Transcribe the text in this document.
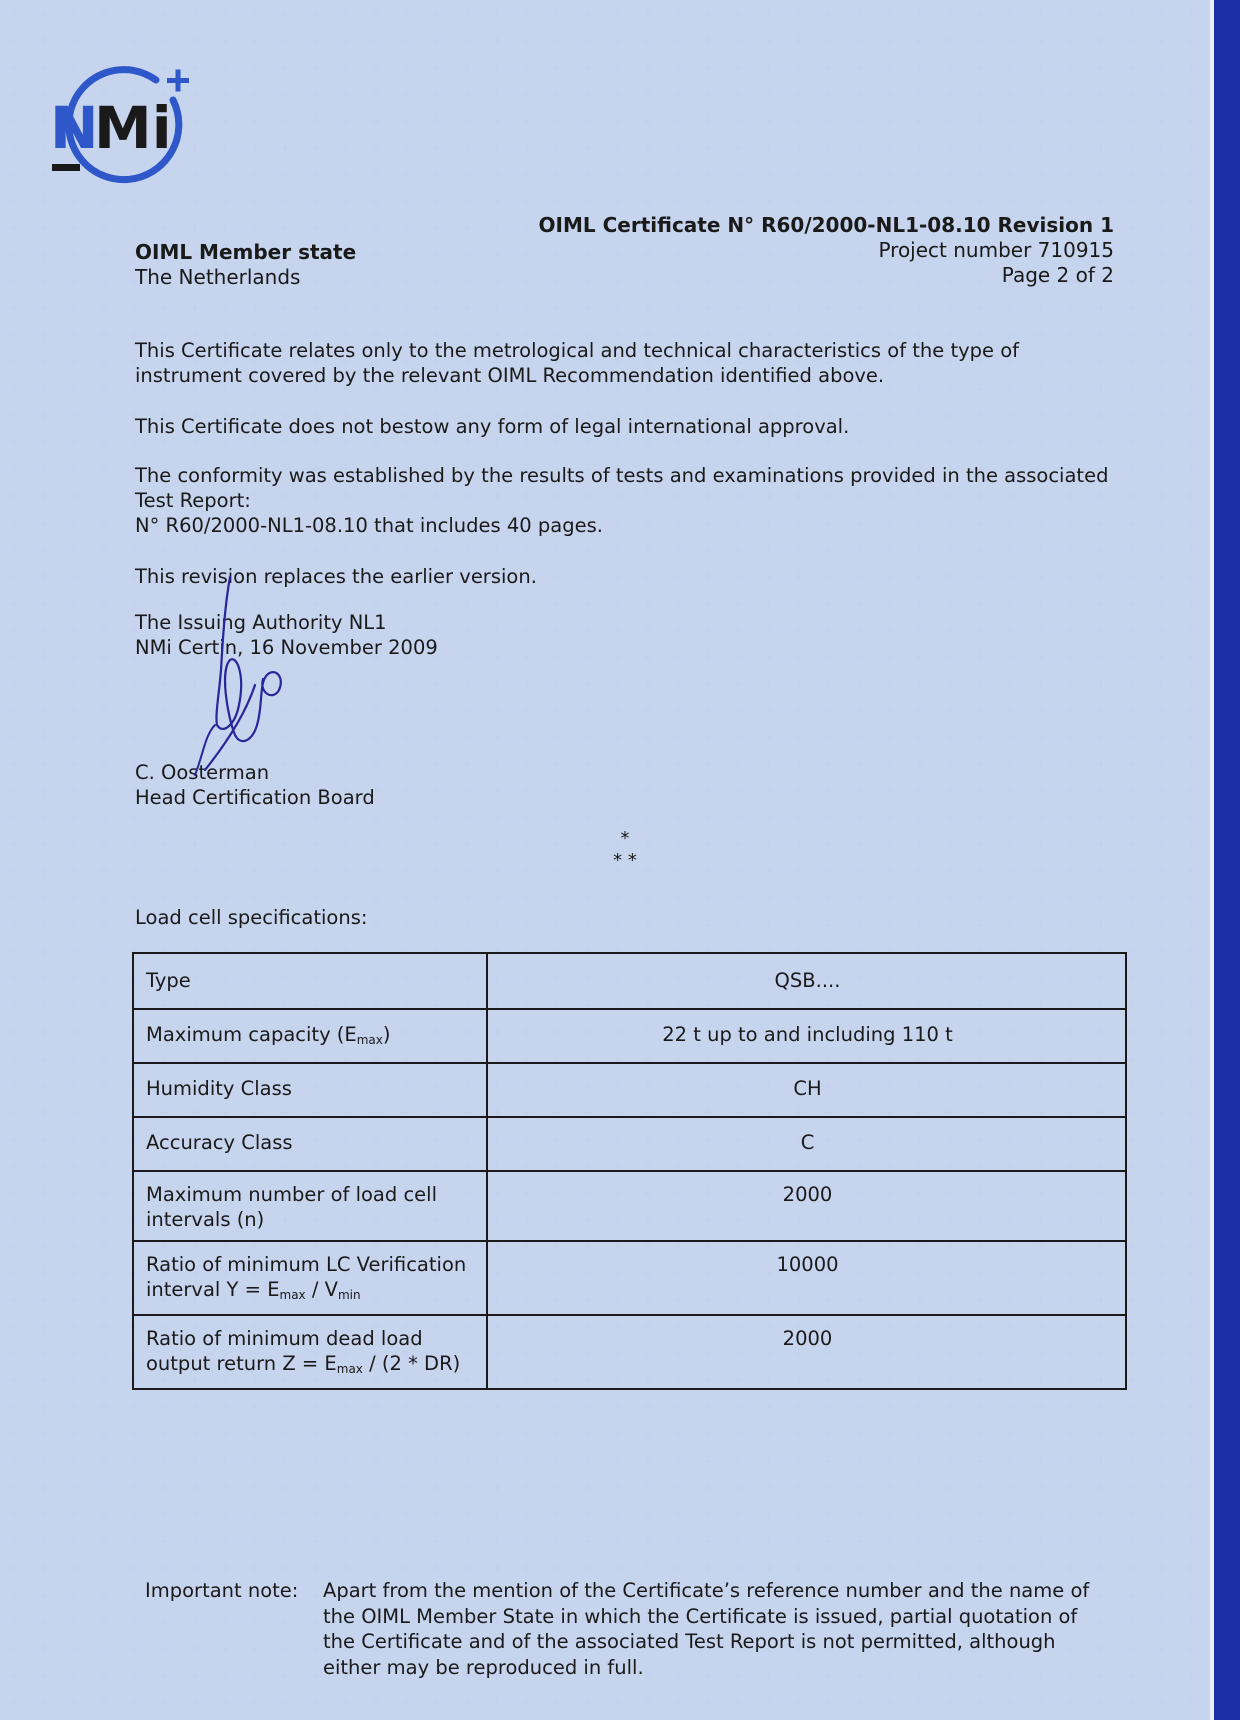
N
Mi
OIML Member state
The Netherlands
OIML Certificate N° R60/2000-NL1-08.10 Revision 1
Project number 710915
Page 2 of 2

This Certificate relates only to the metrological and technical characteristics of the type of instrument covered by the relevant OIML Recommendation identified above.

This Certificate does not bestow any form of legal international approval.

The conformity was established by the results of tests and examinations provided in the associated

Test Report:

N° R60/2000-NL1-08.10 that includes 40 pages.

This revision replaces the earlier version.

The Issuing Authority NL1

NMi Certin, 16 November 2009

C. Oosterman

Head Certification Board

*
* *

Load cell specifications:

Type	QSB....
Maximum capacity $(E_{max})$	22 t up to and including 110 t
Humidity Class	CH
Accuracy Class	C
Maximum number of load cell
intervals (n)	2000
Ratio of minimum LC Verification
interval $Y = E_{max} / V_{min}$	10000
Ratio of minimum dead load
output return $Z = E_{max} / (2 * DR)$	2000
Important note: Apart from the mention of the Certificate’s reference number and the name of
the OIML Member State in which the Certificate is issued, partial quotation of
the Certificate and of the associated Test Report is not permitted, although
either may be reproduced in full.
